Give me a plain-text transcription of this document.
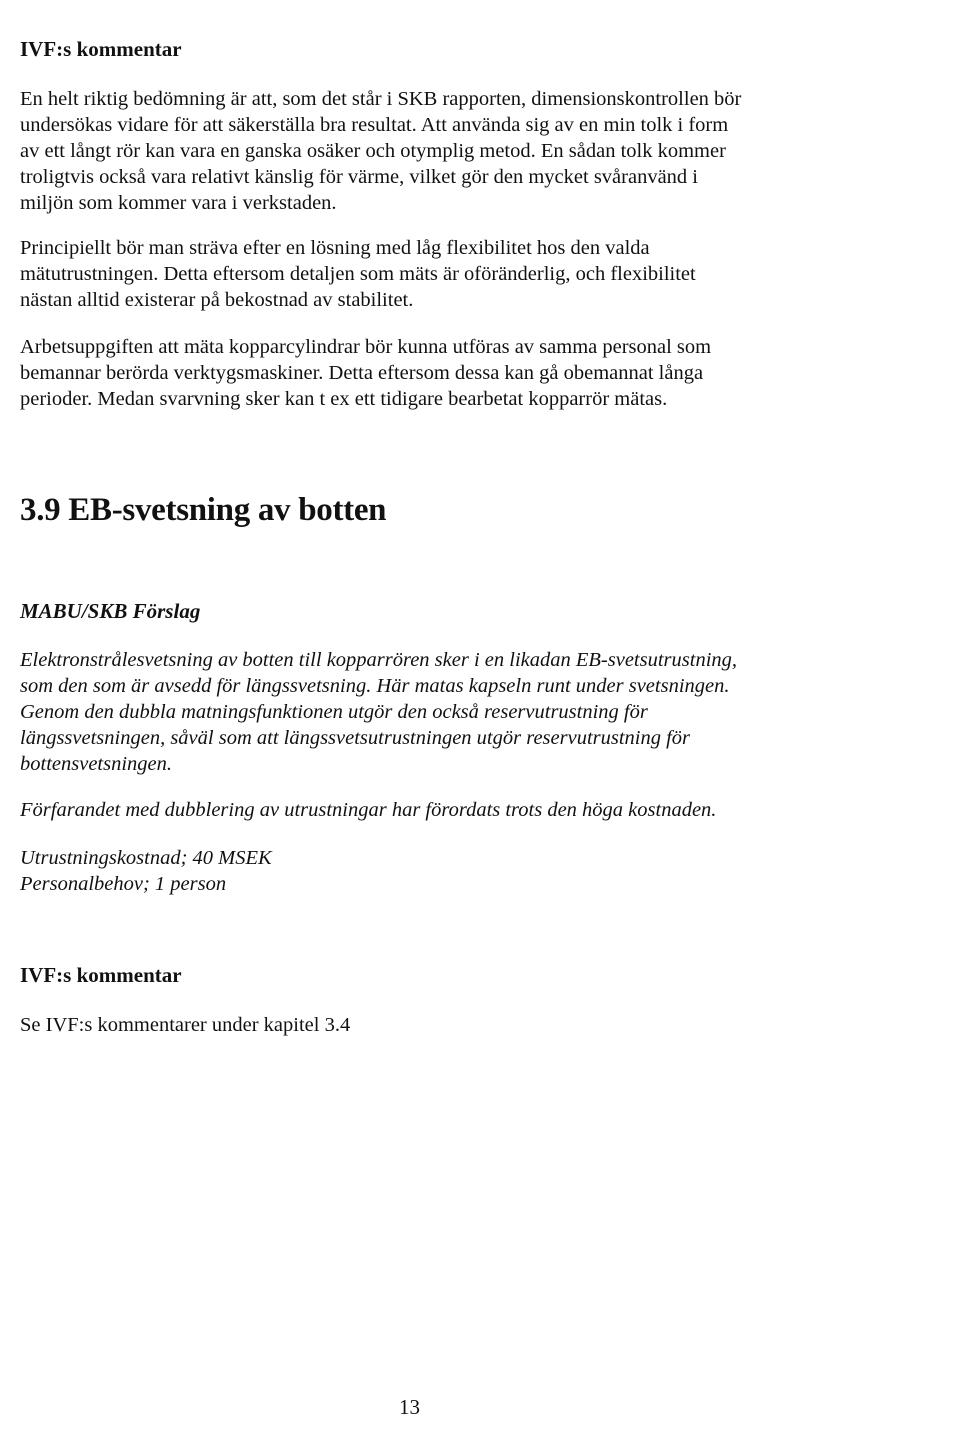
IVF:s kommentar

En helt riktig bedömning är att, som det står i SKB rapporten, dimensionskontrollen bör

undersökas vidare för att säkerställa bra resultat. Att använda sig av en min tolk i form

av ett långt rör kan vara en ganska osäker och otymplig metod. En sådan tolk kommer

troligtvis också vara relativt känslig för värme, vilket gör den mycket svåranvänd i

miljön som kommer vara i verkstaden.

Principiellt bör man sträva efter en lösning med låg flexibilitet hos den valda

mätutrustningen. Detta eftersom detaljen som mäts är oföränderlig, och flexibilitet

nästan alltid existerar på bekostnad av stabilitet.

Arbetsuppgiften att mäta kopparcylindrar bör kunna utföras av samma personal som

bemannar berörda verktygsmaskiner. Detta eftersom dessa kan gå obemannat långa

perioder. Medan svarvning sker kan t ex ett tidigare bearbetat kopparrör mätas.

3.9 EB-svetsning av botten
MABU/SKB Förslag

Elektronstrålesvetsning av botten till kopparrören sker i en likadan EB-svetsutrustning,

som den som är avsedd för längssvetsning. Här matas kapseln runt under svetsningen.

Genom den dubbla matningsfunktionen utgör den också reservutrustning för

längssvetsningen, såväl som att längssvetsutrustningen utgör reservutrustning för

bottensvetsningen.

Förfarandet med dubblering av utrustningar har förordats trots den höga kostnaden.

Utrustningskostnad; 40 MSEK

Personalbehov; 1 person

IVF:s kommentar

Se IVF:s kommentarer under kapitel 3.4

13
